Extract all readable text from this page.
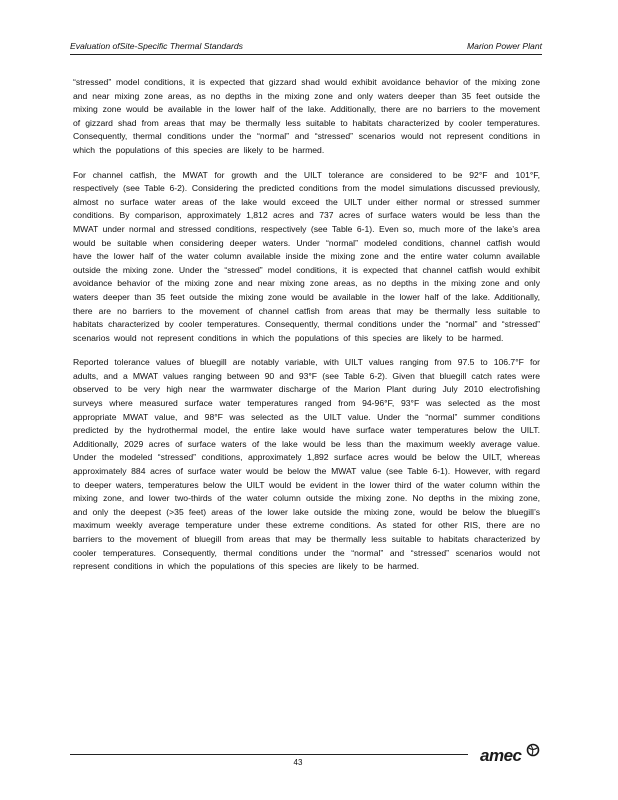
Evaluation ofSite-Specific Thermal Standards	Marion Power Plant

“stressed” model conditions, it is expected that gizzard shad would exhibit avoidance behavior of the mixing zone and near mixing zone areas, as no depths in the mixing zone and only waters deeper than 35 feet outside the mixing zone would be available in the lower half of the lake. Additionally, there are no barriers to the movement of gizzard shad from areas that may be thermally less suitable to habitats characterized by cooler temperatures. Consequently, thermal conditions under the “normal” and “stressed” scenarios would not represent conditions in which the populations of this species are likely to be harmed.

For channel catfish, the MWAT for growth and the UILT tolerance are considered to be 92°F and 101°F, respectively (see Table 6-2). Considering the predicted conditions from the model simulations discussed previously, almost no surface water areas of the lake would exceed the UILT under either normal or stressed summer conditions. By comparison, approximately 1,812 acres and 737 acres of surface waters would be less than the MWAT under normal and stressed conditions, respectively (see Table 6-1). Even so, much more of the lake’s area would be suitable when considering deeper waters. Under “normal” modeled conditions, channel catfish would have the lower half of the water column available inside the mixing zone and the entire water column available outside the mixing zone. Under the “stressed” model conditions, it is expected that channel catfish would exhibit avoidance behavior of the mixing zone and near mixing zone areas, as no depths in the mixing zone and only waters deeper than 35 feet outside the mixing zone would be available in the lower half of the lake. Additionally, there are no barriers to the movement of channel catfish from areas that may be thermally less suitable to habitats characterized by cooler temperatures. Consequently, thermal conditions under the “normal” and “stressed” scenarios would not represent conditions in which the populations of this species are likely to be harmed.

Reported tolerance values of bluegill are notably variable, with UILT values ranging from 97.5 to 106.7°F for adults, and a MWAT values ranging between 90 and 93°F (see Table 6-2). Given that bluegill catch rates were observed to be very high near the warmwater discharge of the Marion Plant during July 2010 electrofishing surveys where measured surface water temperatures ranged from 94-96°F, 93°F was selected as the most appropriate MWAT value, and 98°F was selected as the UILT value. Under the “normal” summer conditions predicted by the hydrothermal model, the entire lake would have surface water temperatures below the UILT. Additionally, 2029 acres of surface waters of the lake would be less than the maximum weekly average value. Under the modeled “stressed” conditions, approximately 1,892 surface acres would be below the UILT, whereas approximately 884 acres of surface water would be below the MWAT value (see Table 6-1). However, with regard to deeper waters, temperatures below the UILT would be evident in the lower third of the water column within the mixing zone, and lower two-thirds of the water column outside the mixing zone. No depths in the mixing zone, and only the deepest (>35 feet) areas of the lower lake outside the mixing zone, would be below the bluegill’s maximum weekly average temperature under these extreme conditions. As stated for other RIS, there are no barriers to the movement of bluegill from areas that may be thermally less suitable to habitats characterized by cooler temperatures. Consequently, thermal conditions under the “normal” and “stressed” scenarios would not represent conditions in which the populations of this species are likely to be harmed.

43	amec
